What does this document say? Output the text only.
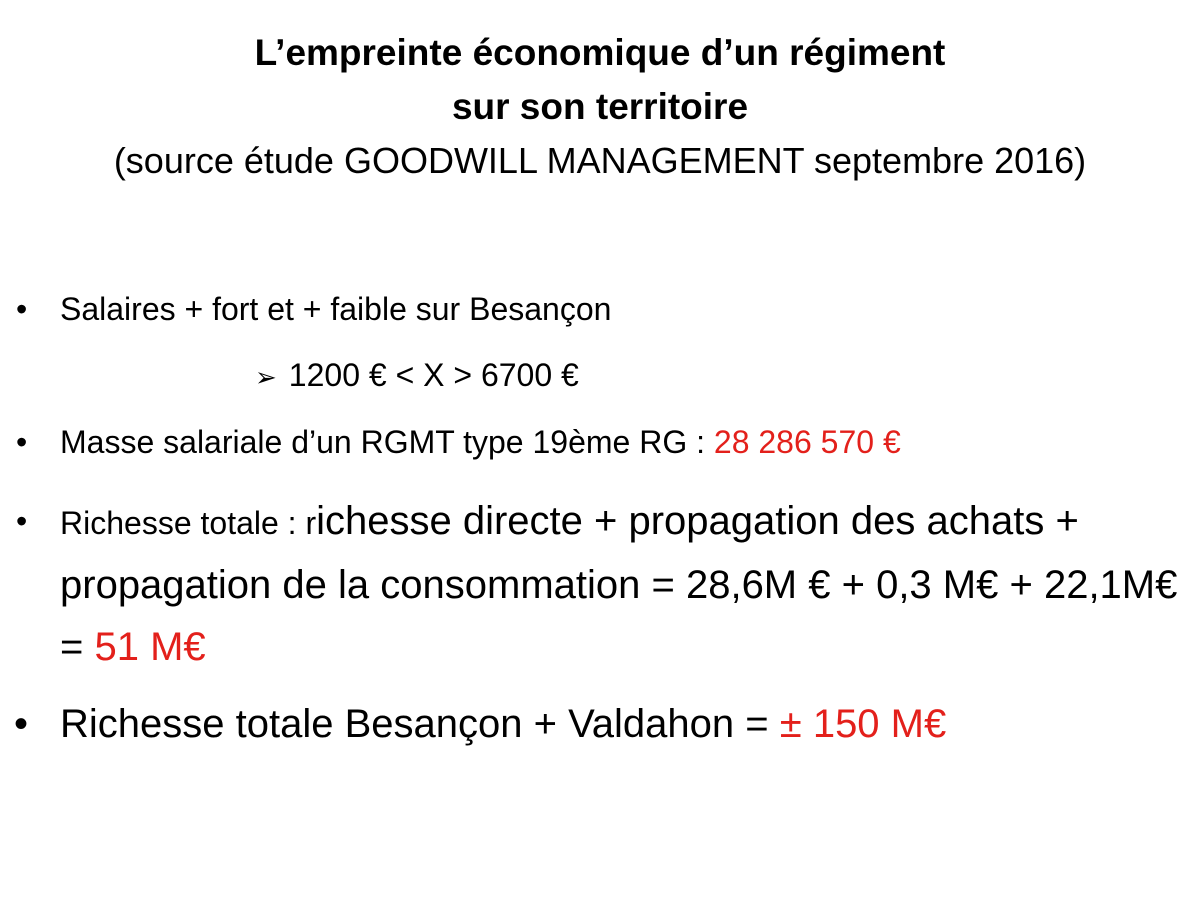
L’empreinte économique d’un régiment

sur son territoire

(source étude GOODWILL MANAGEMENT septembre 2016)

• Salaires + fort et + faible sur Besançon
➢ 1200 € < X > 6700 €
• Masse salariale d’un RGMT type 19ème RG : 28 286 570 €
• Richesse totale : richesse directe + propagation des achats + propagation de la consommation = 28,6M € + 0,3 M€ + 22,1M€ = 51 M€
• Richesse totale Besançon + Valdahon = ± 150 M€
